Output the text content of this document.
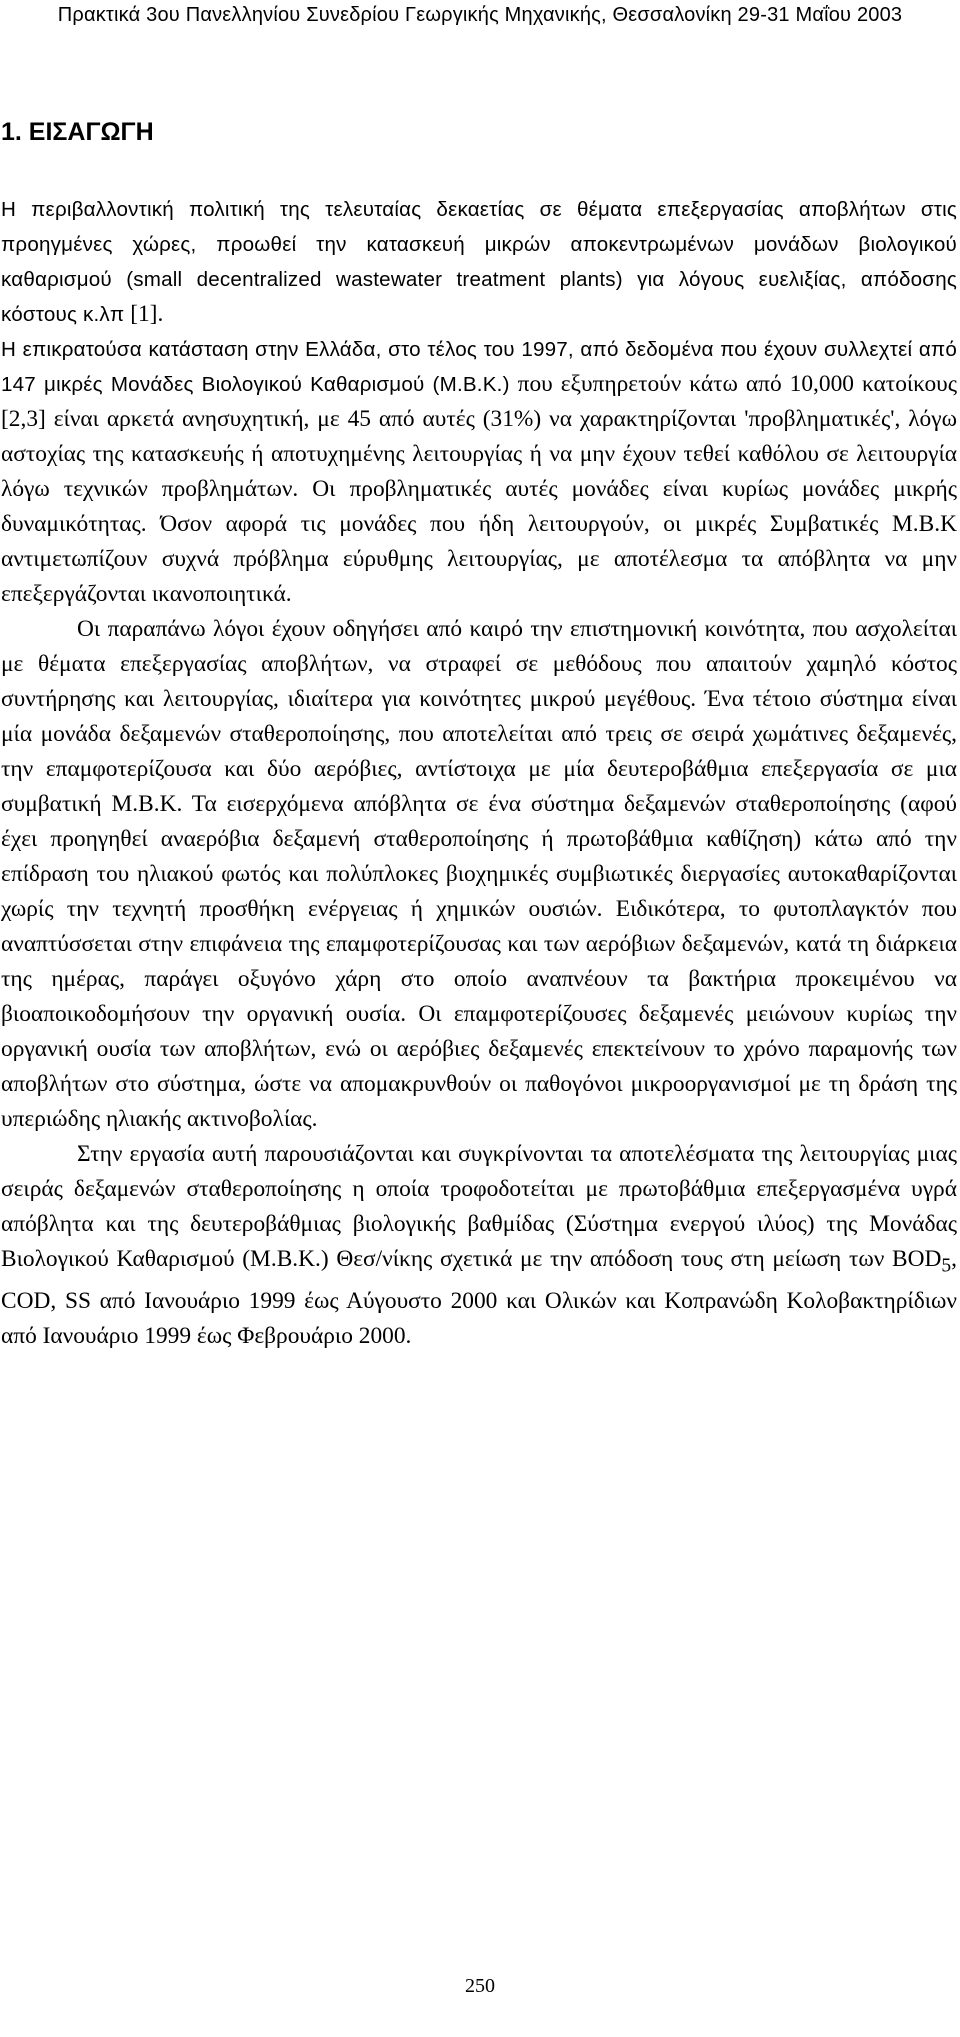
Πρακτικά 3ου Πανελληνίου Συνεδρίου Γεωργικής Μηχανικής, Θεσσαλονίκη 29-31 Μαΐου 2003
1. ΕΙΣΑΓΩΓΗ

Η περιβαλλοντική πολιτική της τελευταίας δεκαετίας σε θέματα επεξεργασίας αποβλήτων στις προηγμένες χώρες, προωθεί την κατασκευή μικρών αποκεντρωμένων μονάδων βιολογικού καθαρισμού (small decentralized wastewater treatment plants) για λόγους ευελιξίας, απόδοσης κόστους κ.λπ [1].

Η επικρατούσα κατάσταση στην Ελλάδα, στο τέλος του 1997, από δεδομένα που έχουν συλλεχτεί από 147 μικρές Μονάδες Βιολογικού Καθαρισμού (Μ.Β.Κ.) που εξυπηρετούν κάτω από 10,000 κατοίκους [2,3] είναι αρκετά ανησυχητική, με 45 από αυτές (31%) να χαρακτηρίζονται 'προβληματικές', λόγω αστοχίας της κατασκευής ή αποτυχημένης λειτουργίας ή να μην έχουν τεθεί καθόλου σε λειτουργία λόγω τεχνικών προβλημάτων. Οι προβληματικές αυτές μονάδες είναι κυρίως μονάδες μικρής δυναμικότητας. Όσον αφορά τις μονάδες που ήδη λειτουργούν, οι μικρές Συμβατικές Μ.Β.Κ αντιμετωπίζουν συχνά πρόβλημα εύρυθμης λειτουργίας, με αποτέλεσμα τα απόβλητα να μην επεξεργάζονται ικανοποιητικά.

Οι παραπάνω λόγοι έχουν οδηγήσει από καιρό την επιστημονική κοινότητα, που ασχολείται με θέματα επεξεργασίας αποβλήτων, να στραφεί σε μεθόδους που απαιτούν χαμηλό κόστος συντήρησης και λειτουργίας, ιδιαίτερα για κοινότητες μικρού μεγέθους. Ένα τέτοιο σύστημα είναι μία μονάδα δεξαμενών σταθεροποίησης, που αποτελείται από τρεις σε σειρά χωμάτινες δεξαμενές, την επαμφοτερίζουσα και δύο αερόβιες, αντίστοιχα με μία δευτεροβάθμια επεξεργασία σε μια συμβατική Μ.Β.Κ. Τα εισερχόμενα απόβλητα σε ένα σύστημα δεξαμενών σταθεροποίησης (αφού έχει προηγηθεί αναερόβια δεξαμενή σταθεροποίησης ή πρωτοβάθμια καθίζηση) κάτω από την επίδραση του ηλιακού φωτός και πολύπλοκες βιοχημικές συμβιωτικές διεργασίες αυτοκαθαρίζονται χωρίς την τεχνητή προσθήκη ενέργειας ή χημικών ουσιών. Ειδικότερα, το φυτοπλαγκτόν που αναπτύσσεται στην επιφάνεια της επαμφοτερίζουσας και των αερόβιων δεξαμενών, κατά τη διάρκεια της ημέρας, παράγει οξυγόνο χάρη στο οποίο αναπνέουν τα βακτήρια προκειμένου να βιοαποικοδομήσουν την οργανική ουσία. Οι επαμφοτερίζουσες δεξαμενές μειώνουν κυρίως την οργανική ουσία των αποβλήτων, ενώ οι αερόβιες δεξαμενές επεκτείνουν το χρόνο παραμονής των αποβλήτων στο σύστημα, ώστε να απομακρυνθούν οι παθογόνοι μικροοργανισμοί με τη δράση της υπεριώδης ηλιακής ακτινοβολίας.

Στην εργασία αυτή παρουσιάζονται και συγκρίνονται τα αποτελέσματα της λειτουργίας μιας σειράς δεξαμενών σταθεροποίησης η οποία τροφοδοτείται με πρωτοβάθμια επεξεργασμένα υγρά απόβλητα και της δευτεροβάθμιας βιολογικής βαθμίδας (Σύστημα ενεργού ιλύος) της Μονάδας Βιολογικού Καθαρισμού (Μ.Β.Κ.) Θεσ/νίκης σχετικά με την απόδοση τους στη μείωση των $BOD_5$, COD, SS από Ιανουάριο 1999 έως Αύγουστο 2000 και Ολικών και Κοπρανώδη Κολοβακτηρίδιων από Ιανουάριο 1999 έως Φεβρουάριο 2000.

250
